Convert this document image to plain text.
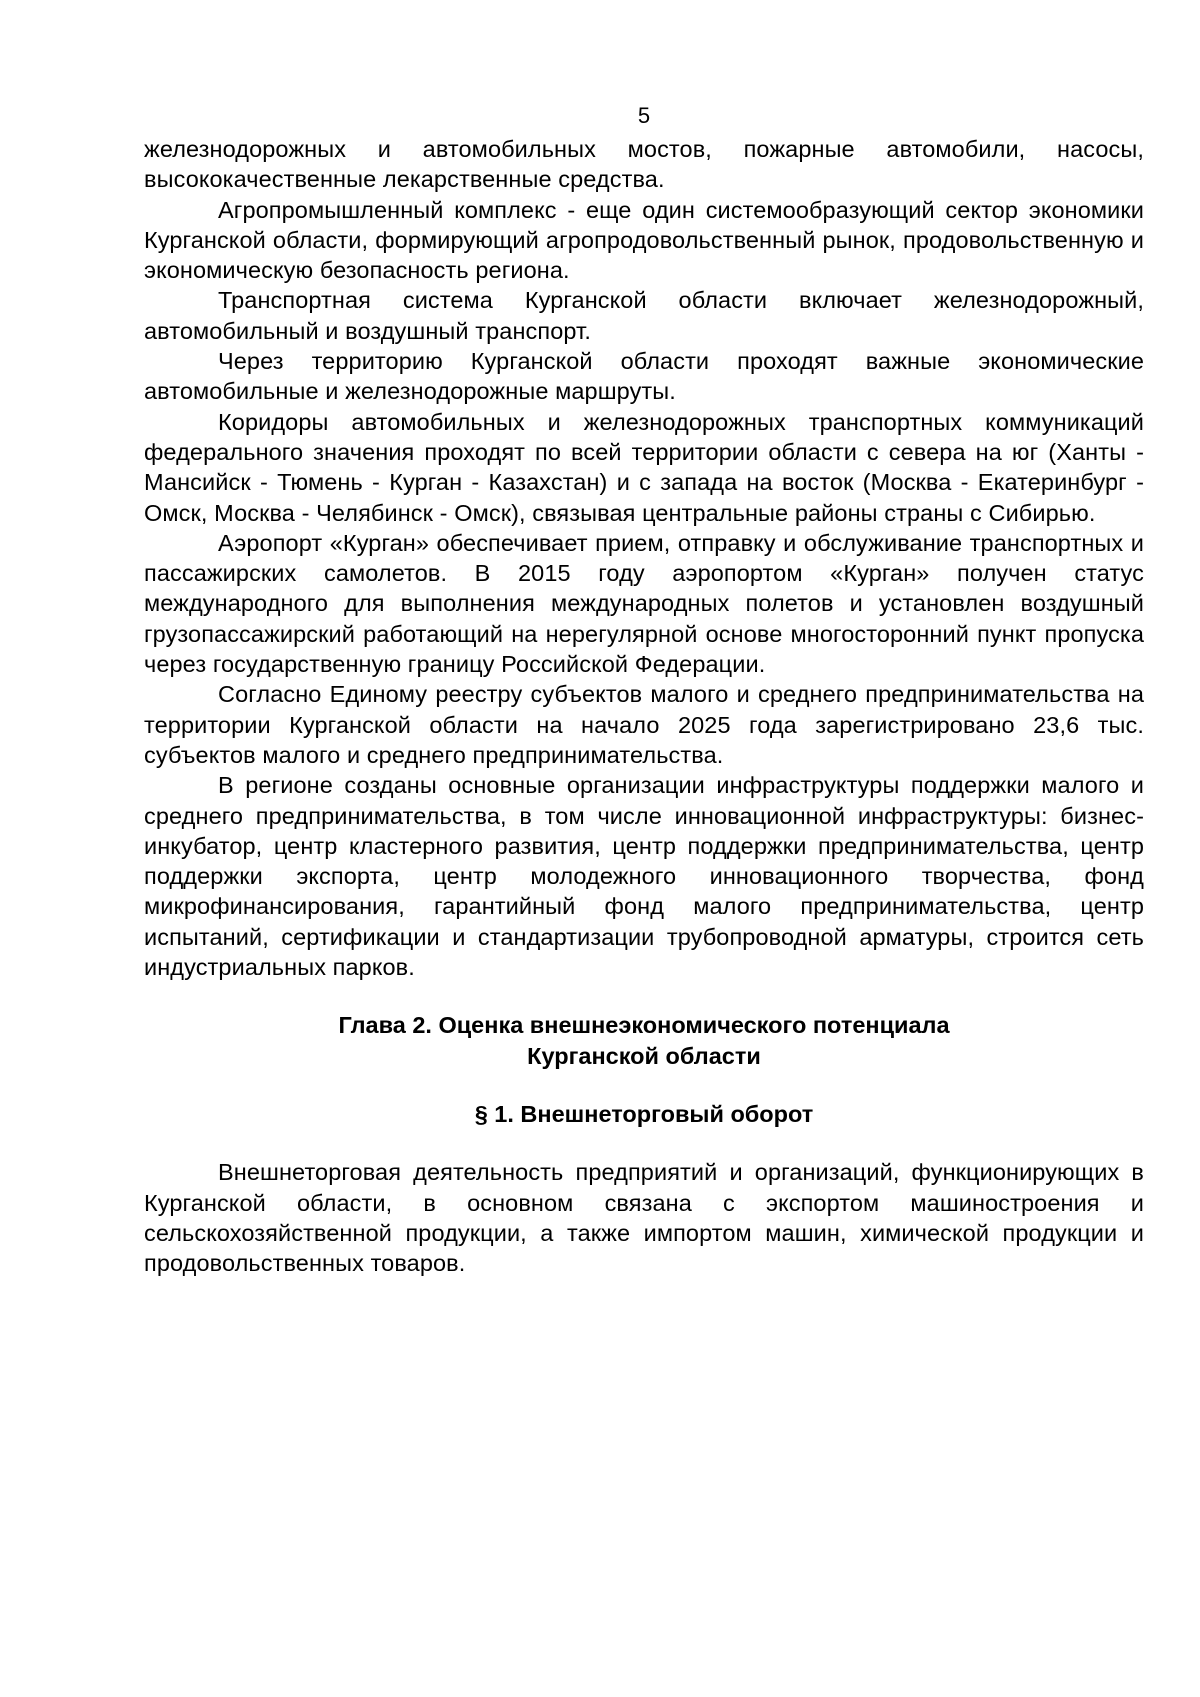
5

железнодорожных и автомобильных мостов, пожарные автомобили, насосы, высококачественные лекарственные средства.

Агропромышленный комплекс - еще один системообразующий сектор экономики Курганской области, формирующий агропродовольственный рынок, продовольственную и экономическую безопасность региона.

Транспортная система Курганской области включает железнодорожный, автомобильный и воздушный транспорт.

Через территорию Курганской области проходят важные экономические автомобильные и железнодорожные маршруты.

Коридоры автомобильных и железнодорожных транспортных коммуникаций федерального значения проходят по всей территории области с севера на юг (Ханты - Мансийск - Тюмень - Курган - Казахстан) и с запада на восток (Москва - Екатеринбург - Омск, Москва - Челябинск - Омск), связывая центральные районы страны с Сибирью.

Аэропорт «Курган» обеспечивает прием, отправку и обслуживание транспортных и пассажирских самолетов. В 2015 году аэропортом «Курган» получен статус международного для выполнения международных полетов и установлен воздушный грузопассажирский работающий на нерегулярной основе многосторонний пункт пропуска через государственную границу Российской Федерации.

Согласно Единому реестру субъектов малого и среднего предпринимательства на территории Курганской области на начало 2025 года зарегистрировано 23,6 тыс. субъектов малого и среднего предпринимательства.

В регионе созданы основные организации инфраструктуры поддержки малого и среднего предпринимательства, в том числе инновационной инфраструктуры: бизнес-инкубатор, центр кластерного развития, центр поддержки предпринимательства, центр поддержки экспорта, центр молодежного инновационного творчества, фонд микрофинансирования, гарантийный фонд малого предпринимательства, центр испытаний, сертификации и стандартизации трубопроводной арматуры, строится сеть индустриальных парков.

Глава 2. Оценка внешнеэкономического потенциала
Курганской области
§ 1. Внешнеторговый оборот

Внешнеторговая деятельность предприятий и организаций, функционирующих в Курганской области, в основном связана с экспортом машиностроения и сельскохозяйственной продукции, а также импортом машин, химической продукции и продовольственных товаров.
